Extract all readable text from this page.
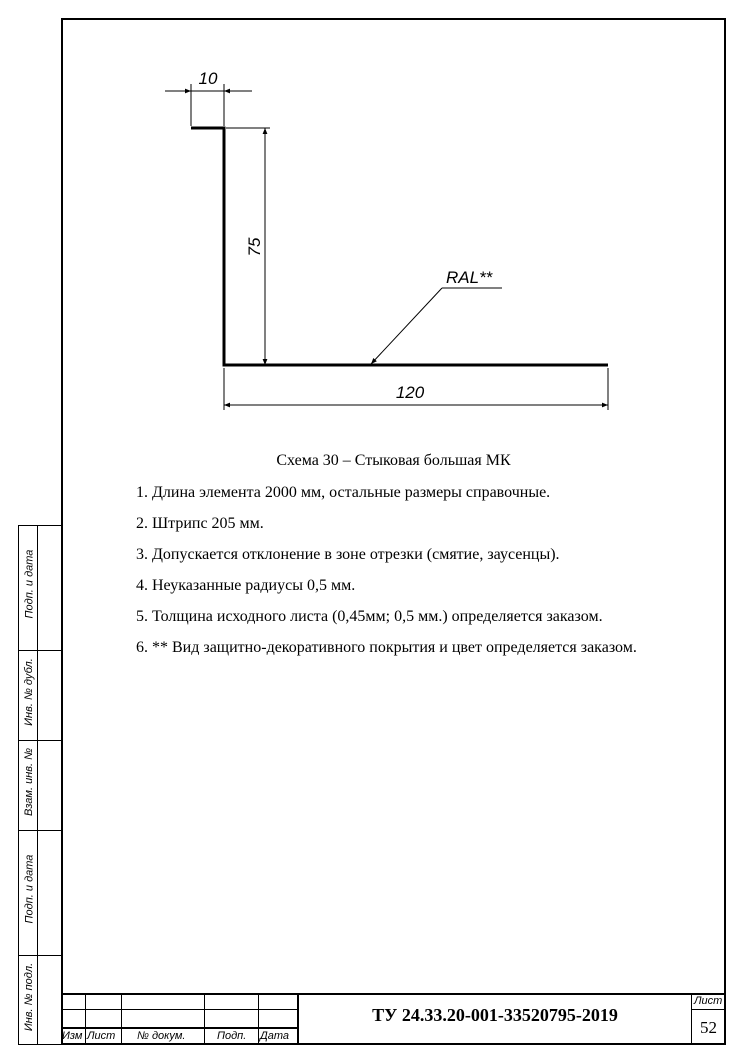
Подп. и дата
Инв. № дубл.
Взам. инв. №
Подп. и дата
Инв. № подл.
10
75
120
RAL**
Схема 30 – Стыковая большая МК
1. Длина элемента 2000 мм, остальные размеры справочные.
2. Штрипс 205 мм.
3. Допускается отклонение в зоне отрезки (смятие, заусенцы).
4. Неуказанные радиусы 0,5 мм.
5. Толщина исходного листа (0,45мм; 0,5 мм.) определяется заказом.
6. ** Вид защитно-декоративного покрытия и цвет определяется заказом.
Изм Лист № докум.	Подп. Дата
ТУ 24.33.20-001-33520795-2019
Лист
52
